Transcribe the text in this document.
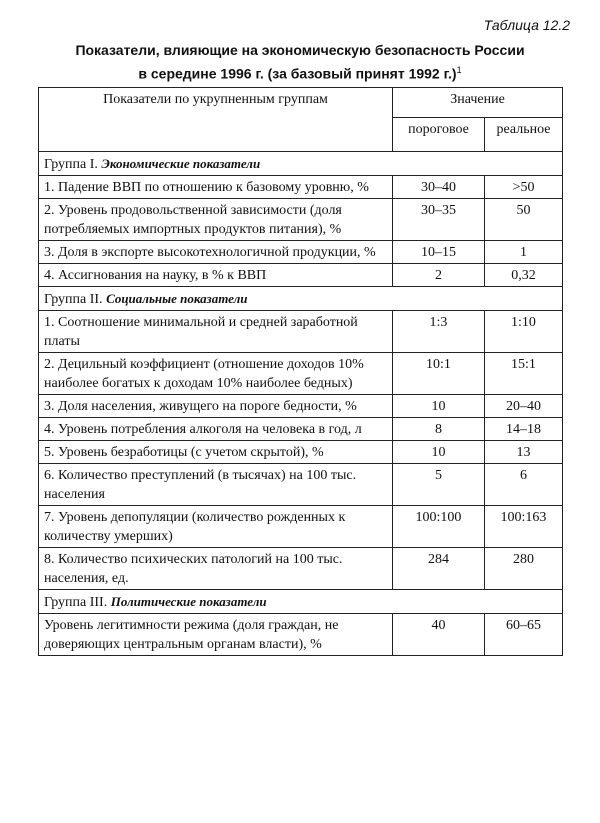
Таблица 12.2
Показатели, влияющие на экономическую безопасность России
в середине 1996 г. (за базовый принят 1992 г.)$^1$
Показатели по укрупненным группам	Значение	
	пороговое	реальное
Группа I. Экономические показатели		
1. Падение ВВП по отношению к базовому уровню, %	30–40	>50
2. Уровень продовольственной зависимости (доля потребляемых импортных продуктов питания), %	30–35	50
3. Доля в экспорте высокотехнологичной продукции, %	10–15	1
4. Ассигнования на науку, в % к ВВП	2	0,32
Группа II. Социальные показатели		
1. Соотношение минимальной и средней заработной платы	1:3	1:10
2. Децильный коэффициент (отношение доходов 10% наиболее богатых к доходам 10% наиболее бедных)	10:1	15:1
3. Доля населения, живущего на пороге бедности, %	10	20–40
4. Уровень потребления алкоголя на человека в год, л	8	14–18
5. Уровень безработицы (с учетом скрытой), %	10	13
6. Количество преступлений (в тысячах) на 100 тыс. населения	5	6
7. Уровень депопуляции (количество рожденных к количеству умерших)	100:100	100:163
8. Количество психических патологий на 100 тыс. населения, ед.	284	280
Группа III. Политические показатели		
Уровень легитимности режима (доля граждан, не доверяющих центральным органам власти), %	40	60–65
